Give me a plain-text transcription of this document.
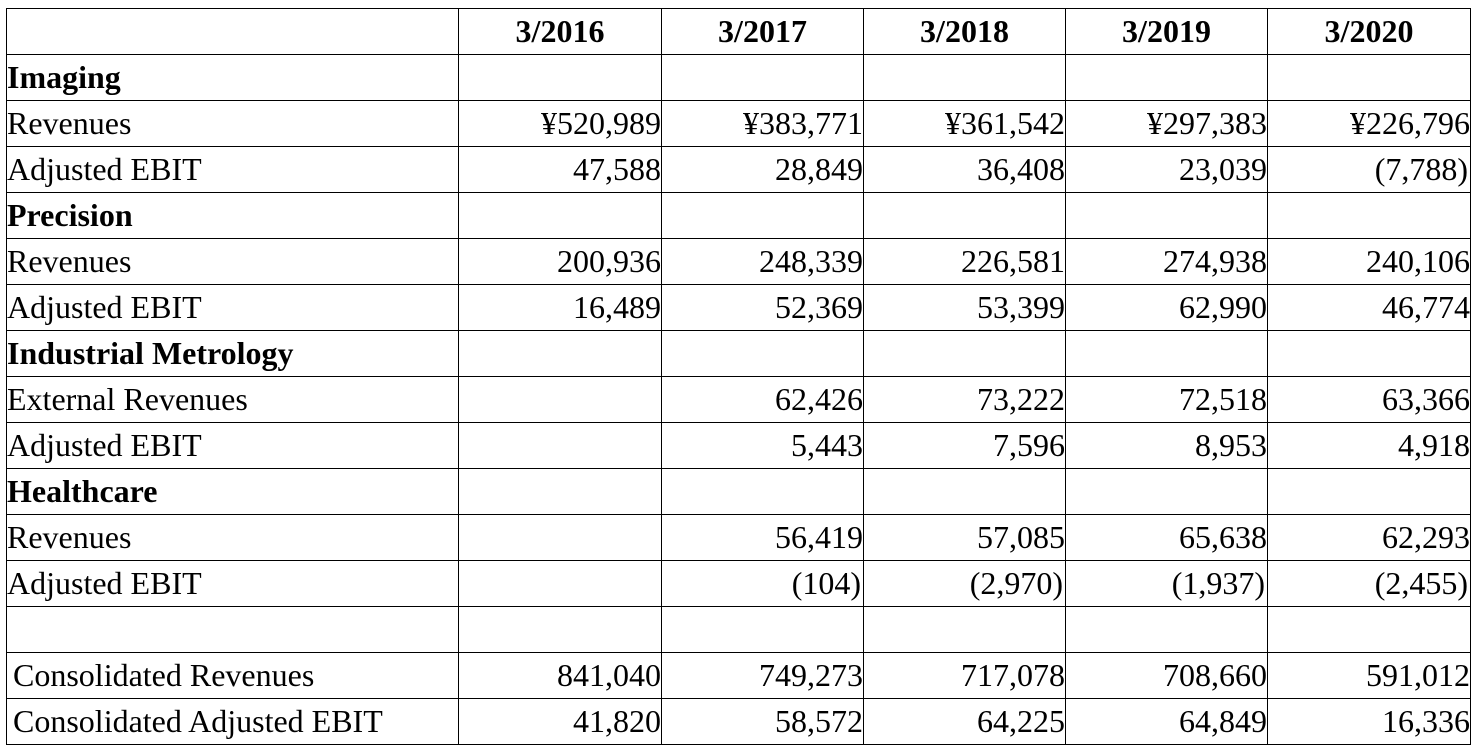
	3/2016	3/2017	3/2018	3/2019	3/2020
Imaging					
Revenues	¥520,989	¥383,771	¥361,542	¥297,383	¥226,796
Adjusted EBIT	47,588	28,849	36,408	23,039	(7,788)
Precision					
Revenues	200,936	248,339	226,581	274,938	240,106
Adjusted EBIT	16,489	52,369	53,399	62,990	46,774
Industrial Metrology					
External Revenues		62,426	73,222	72,518	63,366
Adjusted EBIT		5,443	7,596	8,953	4,918
Healthcare					
Revenues		56,419	57,085	65,638	62,293
Adjusted EBIT		(104)	(2,970)	(1,937)	(2,455)

Consolidated Revenues	841,040	749,273	717,078	708,660	591,012
Consolidated Adjusted EBIT	41,820	58,572	64,225	64,849	16,336
